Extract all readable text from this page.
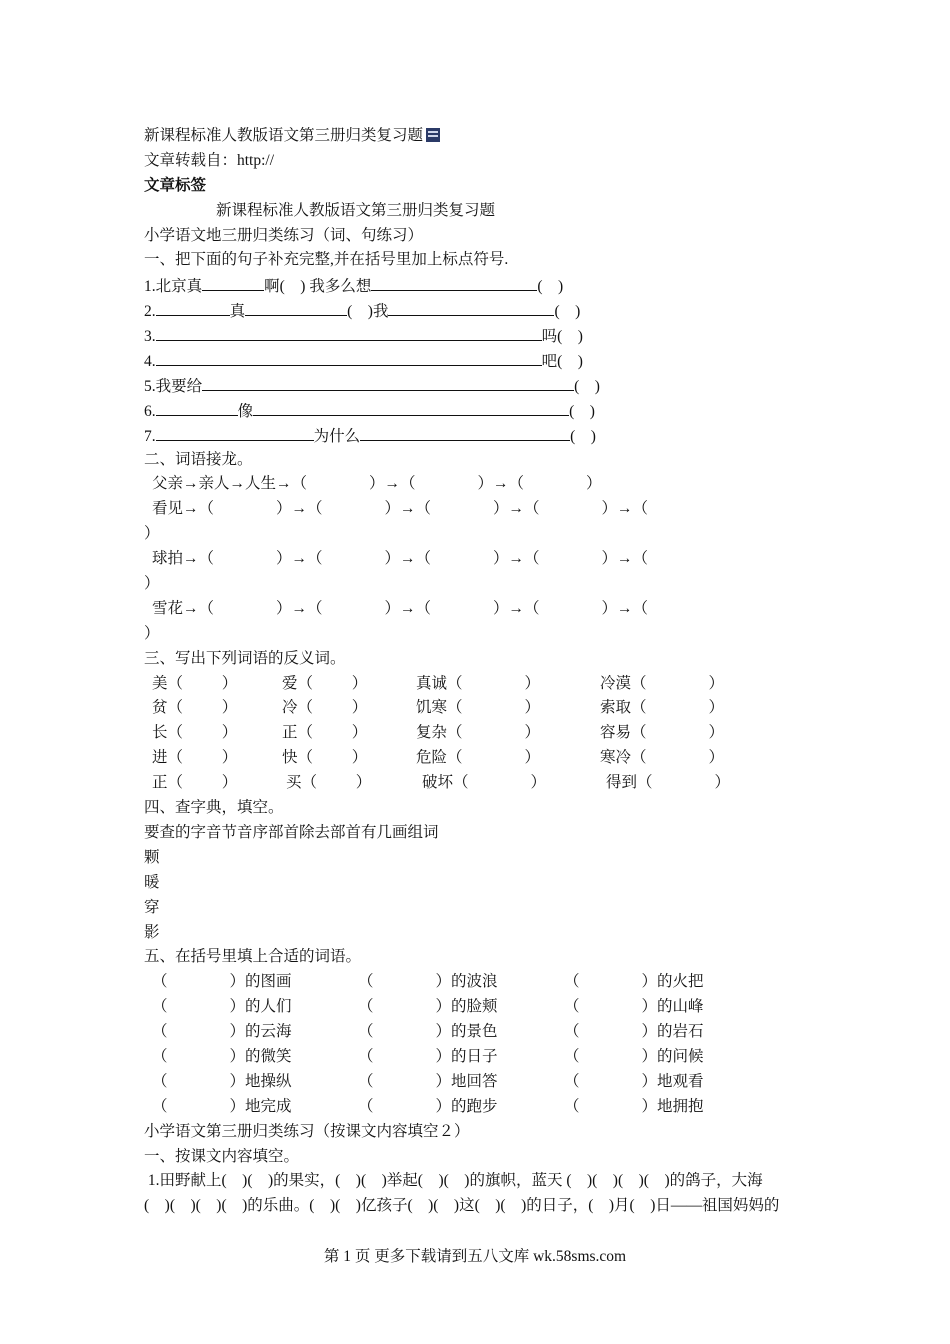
新课程标准人教版语文第三册归类复习题
文章转载自：http://
文章标签
新课程标准人教版语文第三册归类复习题
小学语文地三册归类练习（词、句练习）
一、把下面的句子补充完整,并在括号里加上标点符号.
1.北京真	啊(    ) 我多么想	(    )
2.	真	(    )我	(    )
3.	吗(    )
4.	吧(    )
5.我要给	(    )
6.	像	(    )
7.	为什么	(    )
二、词语接龙。
父亲→亲人→人生→（                ）→（                ）→（                ）
看见→（                ）→（                ）→（                ）→（                ）→（
）
球拍→（                ）→（                ）→（                ）→（                ）→（
）
雪花→（                ）→（                ）→（                ）→（                ）→（
）
三、写出下列词语的反义词。
美（          ）	爱（          ）	真诚（                ）	冷漠（                ）
贫（          ）	冷（          ）	饥寒（                ）	索取（                ）
长（          ）	正（          ）	复杂（                ）	容易（                ）
进（          ）	快（          ）	危险（                ）	寒冷（                ）
正（          ）	买（          ）	破坏（                ）	得到（                ）
四、查字典，填空。
要查的字音节音序部首除去部首有几画组词
颗
暖
穿
影
五、在括号里填上合适的词语。
（                ）的图画	（                ）的波浪	（                ）的火把
（                ）的人们	（                ）的脸颊	（                ）的山峰
（                ）的云海	（                ）的景色	（                ）的岩石
（                ）的微笑	（                ）的日子	（                ）的问候
（                ）地操纵	（                ）地回答	（                ）地观看
（                ）地完成	（                ）的跑步	（                ）地拥抱
小学语文第三册归类练习（按课文内容填空２）
一、按课文内容填空。
1.田野献上(    )(    )的果实，(    )(    )举起(    )(    )的旗帜，蓝天 (    )(    )(    )(    )的鸽子，大海
(    )(    )(    )(    )的乐曲。(    )(    )亿孩子(    )(    )这(    )(    )的日子，(    )月(    )日——祖国妈妈的
第 1 页 更多下载请到五八文库 wk.58sms.com
